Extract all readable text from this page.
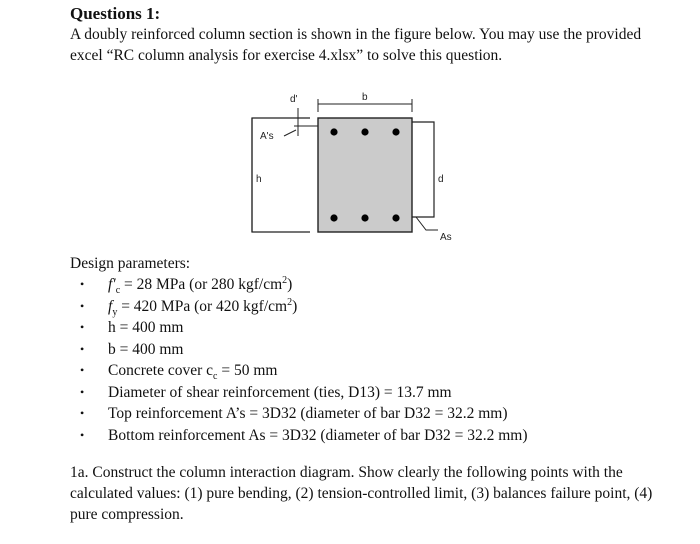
Questions 1:
A doubly reinforced column section is shown in the figure below. You may use the provided excel “RC column analysis for exercise 4.xlsx” to solve this question.
d'	b
A's
h	d
As
Design parameters:
• $f'_c = 28$ MPa (or 280 kgf/$cm^2$)
• $f_y = 420$ MPa (or 420 kgf/$cm^2$)
• h = 400 mm
• b = 400 mm
• Concrete cover $c_c = 50$ mm
• Diameter of shear reinforcement (ties, D13) = 13.7 mm
• Top reinforcement A’s = 3D32 (diameter of bar D32 = 32.2 mm)
• Bottom reinforcement As = 3D32 (diameter of bar D32 = 32.2 mm)
1a. Construct the column interaction diagram. Show clearly the following points with the calculated values: (1) pure bending, (2) tension-controlled limit, (3) balances failure point, (4) pure compression.
